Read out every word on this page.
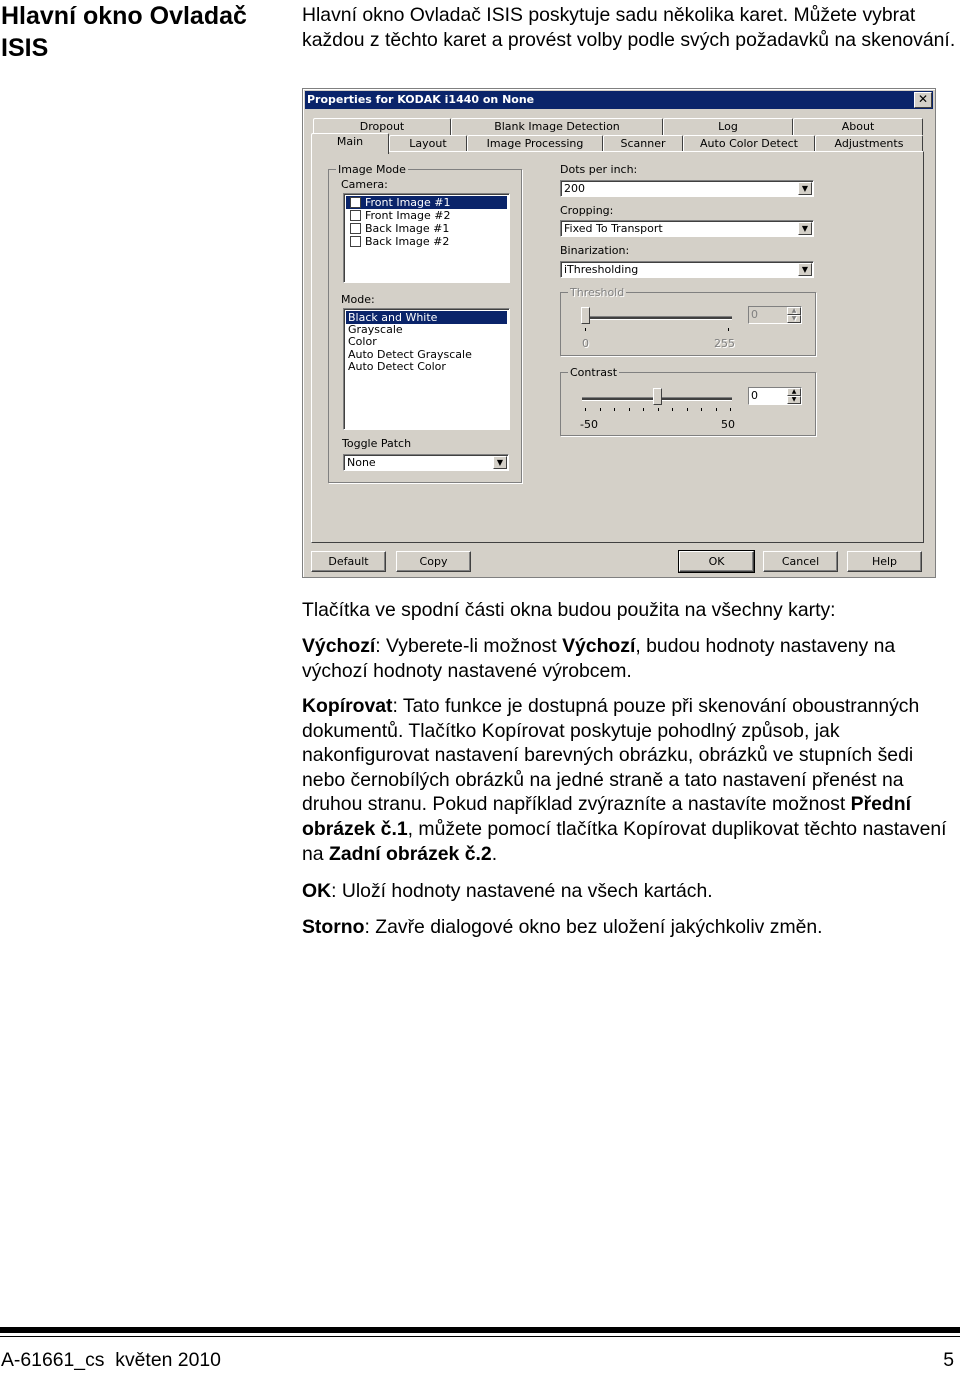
Hlavní okno Ovladač ISIS

Hlavní okno Ovladač ISIS poskytuje sadu několika karet. Můžete vybrat každou z těchto karet a provést volby podle svých požadavků na skenování.

Properties for KODAK i1440 on None	✕
Dropout	Blank Image Detection	Log	About
Main	Layout	Image Processing	Scanner	Auto Color Detect	Adjustments
Image Mode
Camera:
✓ Front Image #1
Front Image #2
Back Image #1
Back Image #2
Mode:
Black and White
Grayscale
Color
Auto Detect Grayscale
Auto Detect Color
Toggle Patch
None	▼
Dots per inch:
200	▼
Cropping:
Fixed To Transport	▼
Binarization:
iThresholding	▼
Threshold
0	255
0	▲
▼
Contrast
-50	50
0	▲
▼
Default	Copy	OK	Cancel	Help

Tlačítka ve spodní části okna budou použita na všechny karty:

Výchozí: Vyberete-li možnost Výchozí, budou hodnoty nastaveny na výchozí hodnoty nastavené výrobcem.

Kopírovat: Tato funkce je dostupná pouze při skenování oboustranných dokumentů. Tlačítko Kopírovat poskytuje pohodlný způsob, jak nakonfigurovat nastavení barevných obrázku, obrázků ve stupních šedi nebo černobílých obrázků na jedné straně a tato nastavení přenést na druhou stranu. Pokud například zvýrazníte a nastavíte možnost Přední obrázek č.1, můžete pomocí tlačítka Kopírovat duplikovat těchto nastavení na Zadní obrázek č.2.

OK: Uloží hodnoty nastavené na všech kartách.

Storno: Zavře dialogové okno bez uložení jakýchkoliv změn.

A-61661_cs  květen 2010	5
